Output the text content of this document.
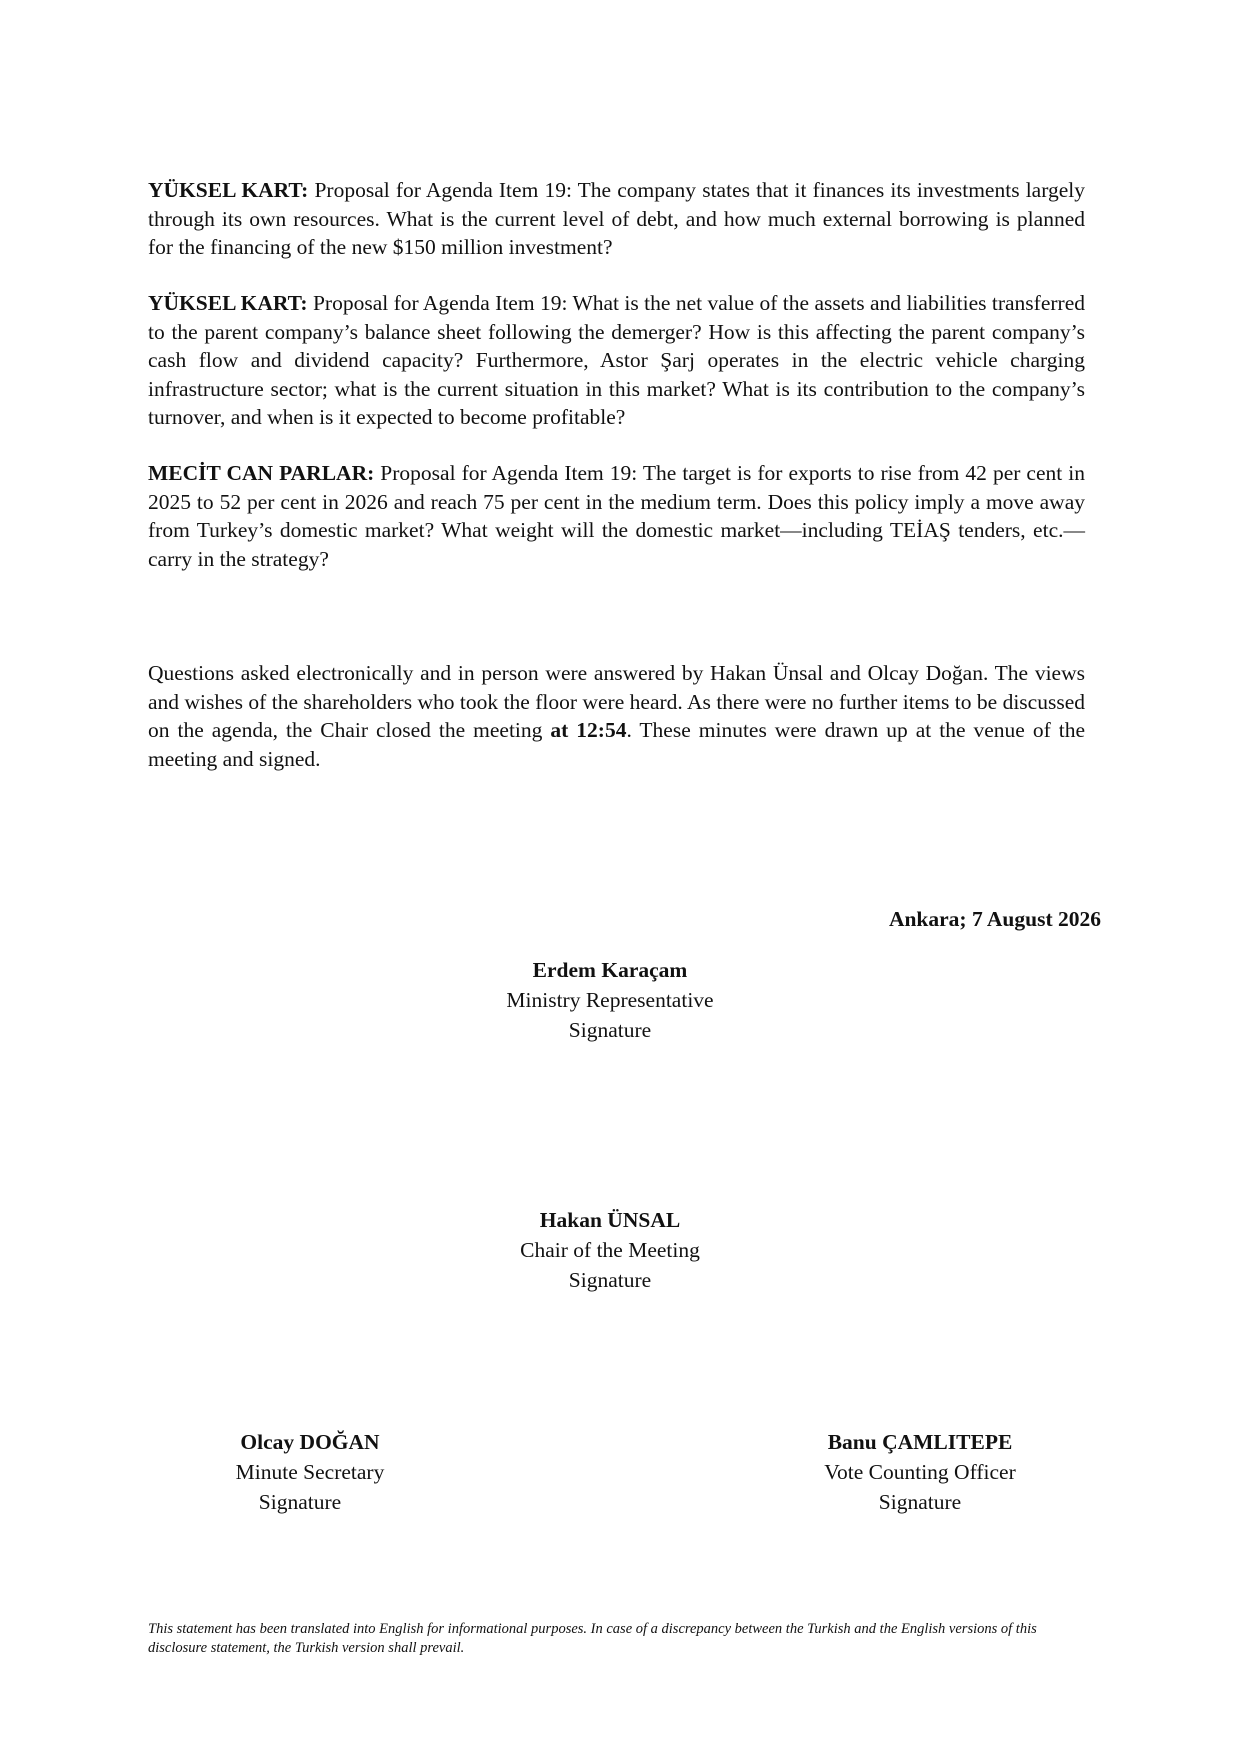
YÜKSEL KART: Proposal for Agenda Item 19: The company states that it finances its investments largely through its own resources. What is the current level of debt, and how much external borrowing is planned for the financing of the new $150 million investment?

YÜKSEL KART: Proposal for Agenda Item 19: What is the net value of the assets and liabilities transferred to the parent company’s balance sheet following the demerger? How is this affecting the parent company’s cash flow and dividend capacity? Furthermore, Astor Şarj operates in the electric vehicle charging infrastructure sector; what is the current situation in this market? What is its contribution to the company’s turnover, and when is it expected to become profitable?

MECİT CAN PARLAR: Proposal for Agenda Item 19: The target is for exports to rise from 42 per cent in 2025 to 52 per cent in 2026 and reach 75 per cent in the medium term. Does this policy imply a move away from Turkey’s domestic market? What weight will the domestic market—including TEİAŞ tenders, etc.—carry in the strategy?

Questions asked electronically and in person were answered by Hakan Ünsal and Olcay Doğan. The views and wishes of the shareholders who took the floor were heard. As there were no further items to be discussed on the agenda, the Chair closed the meeting at 12:54. These minutes were drawn up at the venue of the meeting and signed.

Ankara; 7 August 2026
Erdem Karaçam
Ministry Representative
Signature
Hakan ÜNSAL
Chair of the Meeting
Signature
Olcay DOĞAN
Minute Secretary
Signature
Banu ÇAMLITEPE
Vote Counting Officer
Signature

This statement has been translated into English for informational purposes. In case of a discrepancy between the Turkish and the English versions of this disclosure statement, the Turkish version shall prevail.
